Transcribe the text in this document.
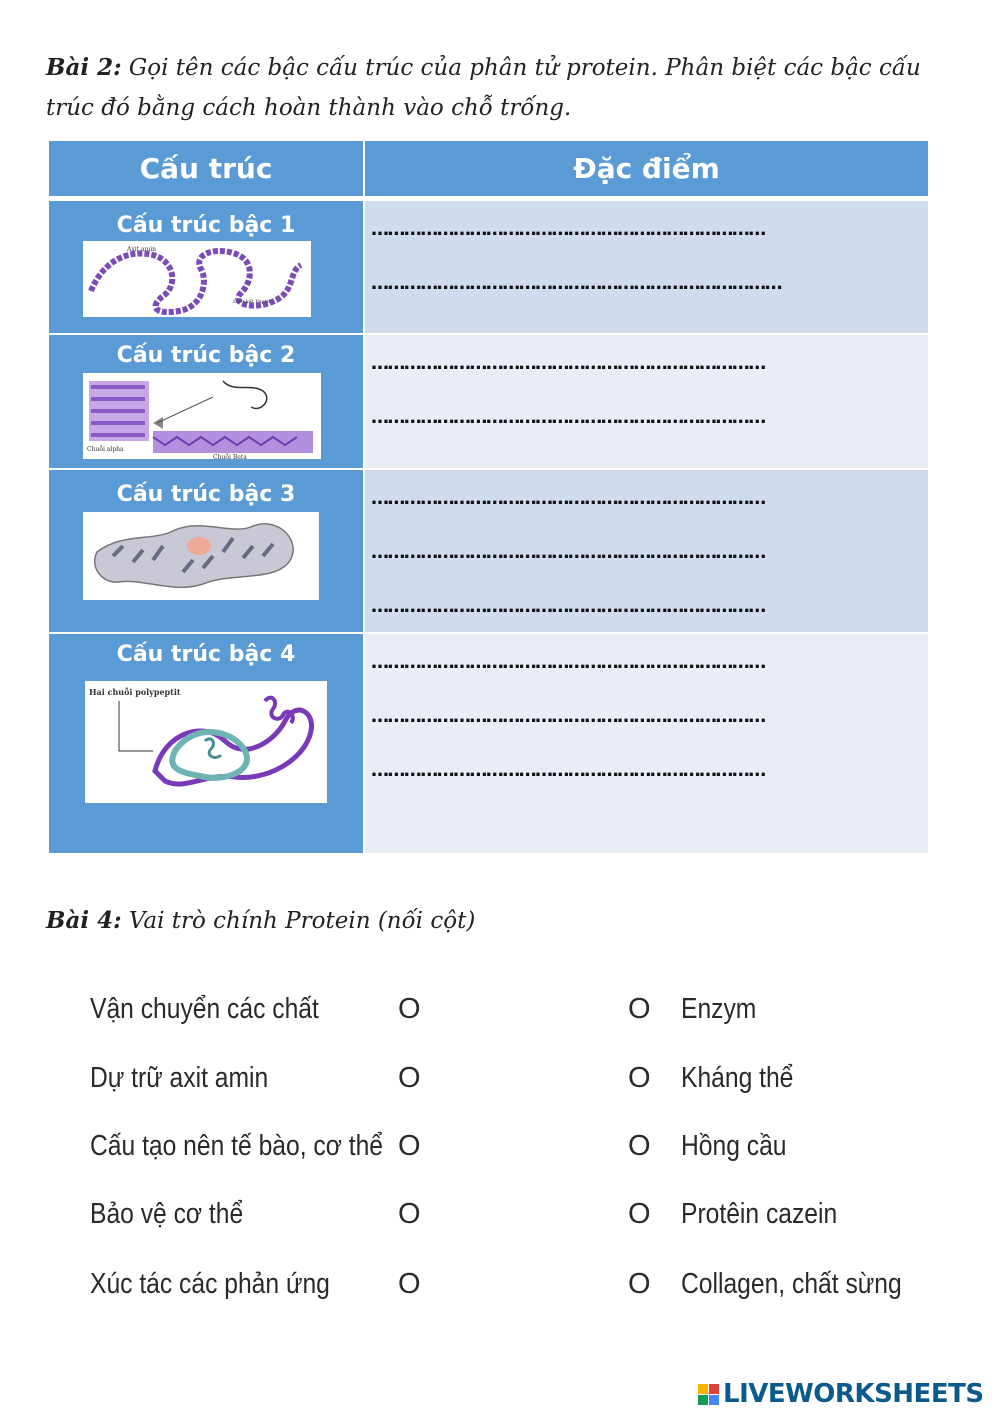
Bài 2: Gọi tên các bậc cấu trúc của phân tử protein. Phân biệt các bậc cấu trúc đó bằng cách hoàn thành vào chỗ trống.
Cấu trúc	Đặc điểm
Cấu trúc bậc 1
Axit amin
Liên kết Peptit
………………………………………………………………
…………………………………………………………………
Cấu trúc bậc 2
Chuỗi alpha
Chuỗi Beta
………………………………………………………………
………………………………………………………………
Cấu trúc bậc 3	………………………………………………………………
………………………………………………………………
………………………………………………………………
Cấu trúc bậc 4
Hai chuỗi polypeptit
………………………………………………………………
………………………………………………………………
………………………………………………………………
Bài 4: Vai trò chính Protein (nối cột)
Vận chuyển các chất	O	O Enzym
Dự trữ axit amin	O	O Kháng thể
Cấu tạo nên tế bào, cơ thể O	O Hồng cầu
Bảo vệ cơ thể	O	O Protêin cazein
Xúc tác các phản ứng O	O Collagen, chất sừng
LIVEWORKSHEETS
